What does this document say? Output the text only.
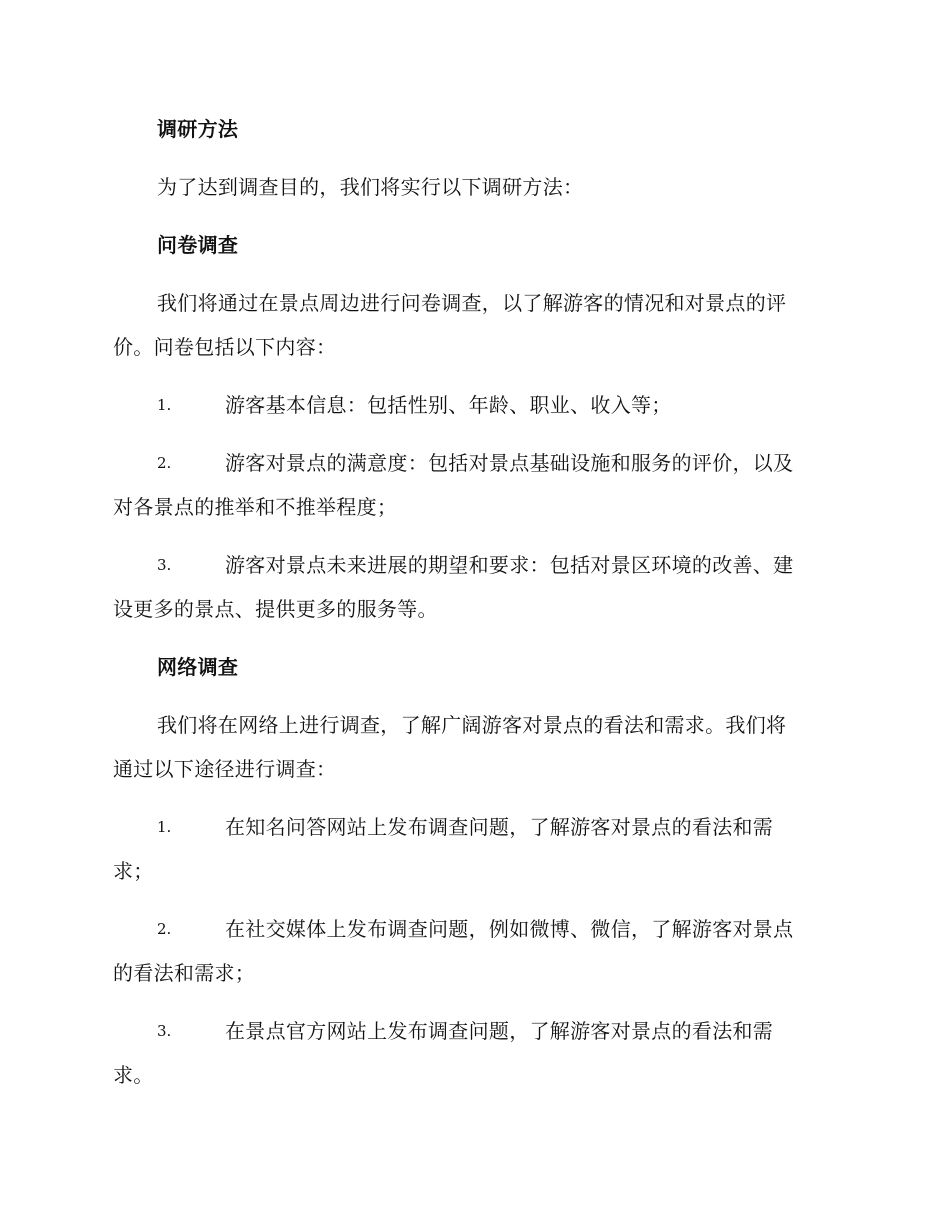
调研方法
为了达到调查目的，我们将实行以下调研方法：
问卷调查
我们将通过在景点周边进行问卷调查，以了解游客的情况和对景点的评
价。问卷包括以下内容：
1.	游客基本信息：包括性别、年龄、职业、收入等；
2.	游客对景点的满意度：包括对景点基础设施和服务的评价，以及
对各景点的推举和不推举程度；
3.	游客对景点未来进展的期望和要求：包括对景区环境的改善、建
设更多的景点、提供更多的服务等。
网络调查
我们将在网络上进行调查，了解广阔游客对景点的看法和需求。我们将
通过以下途径进行调查：
1.	在知名问答网站上发布调查问题，了解游客对景点的看法和需
求；
2.	在社交媒体上发布调查问题，例如微博、微信，了解游客对景点
的看法和需求；
3.	在景点官方网站上发布调查问题，了解游客对景点的看法和需
求。
